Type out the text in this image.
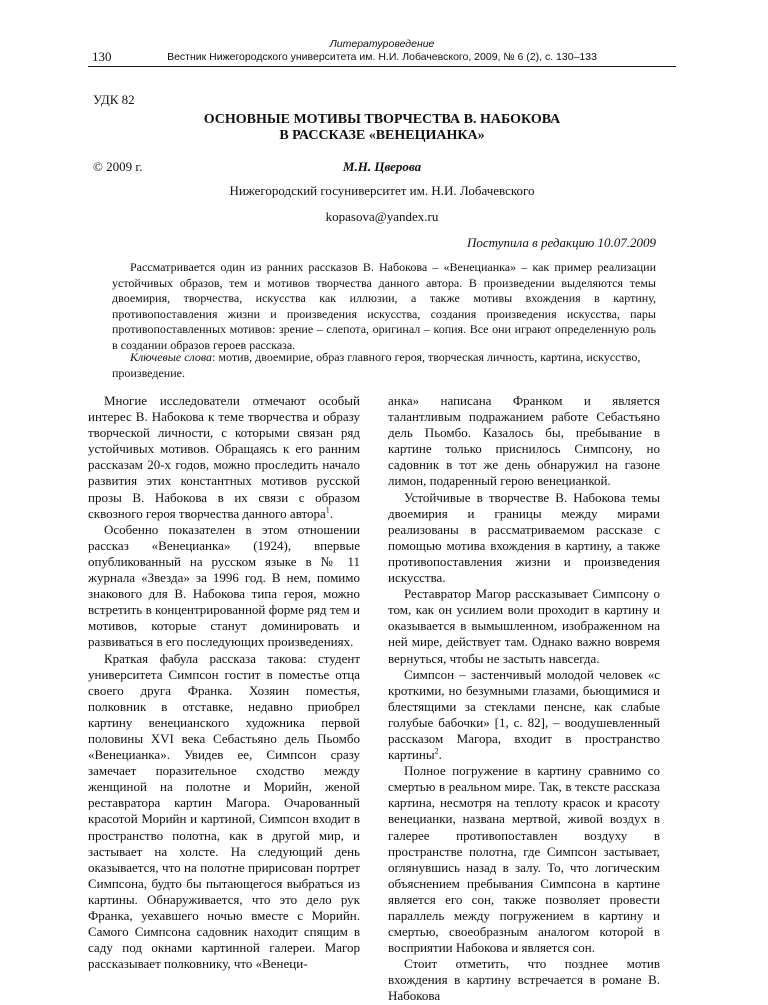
130
Литературоведение
Вестник Нижегородского университета им. Н.И. Лобачевского, 2009, № 6 (2), с. 130–133
УДК 82
ОСНОВНЫЕ МОТИВЫ ТВОРЧЕСТВА В. НАБОКОВА
В РАССКАЗЕ «ВЕНЕЦИАНКА»
© 2009 г.	М.Н. Цверова
Нижегородский госуниверситет им. Н.И. Лобачевского
kopasova@yandex.ru
Поступила в редакцию 10.07.2009

Рассматривается один из ранних рассказов В. Набокова – «Венецианка» – как пример реализации устойчивых образов, тем и мотивов творчества данного автора. В произведении выделяются темы двоемирия, творчества, искусства как иллюзии, а также мотивы вхождения в картину, противопоставления жизни и произведения искусства, создания произведения искусства, пары противопоставленных мотивов: зрение – слепота, оригинал – копия. Все они играют определенную роль в создании образов героев рассказа.

Ключевые слова: мотив, двоемирие, образ главного героя, творческая личность, картина, искусство, произведение.

Многие исследователи отмечают особый интерес В. Набокова к теме творчества и образу творческой личности, с которыми связан ряд устойчивых мотивов. Обращаясь к его ранним рассказам 20-х годов, можно проследить начало развития этих константных мотивов русской прозы В. Набокова в их связи с образом сквозного героя творчества данного автора$^1$.

Особенно показателен в этом отношении рассказ «Венецианка» (1924), впервые опубликованный на русском языке в № 11 журнала «Звезда» за 1996 год. В нем, помимо знакового для В. Набокова типа героя, можно встретить в концентрированной форме ряд тем и мотивов, которые станут доминировать и развиваться в его последующих произведениях.

Краткая фабула рассказа такова: студент университета Симпсон гостит в поместье отца своего друга Франка. Хозяин поместья, полковник в отставке, недавно приобрел картину венецианского художника первой половины XVI века Себастьяно дель Пьомбо «Венецианка». Увидев ее, Симпсон сразу замечает поразительное сходство между женщиной на полотне и Морийн, женой реставратора картин Магора. Очарованный красотой Морийн и картиной, Симпсон входит в пространство полотна, как в другой мир, и застывает на холсте. На следующий день оказывается, что на полотне пририсован портрет Симпсона, будто бы пытающегося выбраться из картины. Обнаруживается, что это дело рук Франка, уехавшего ночью вместе с Морийн. Самого Симпсона садовник находит спящим в саду под окнами картинной галереи. Магор рассказывает полковнику, что «Венеци-

анка» написана Франком и является талантливым подражанием работе Себастьяно дель Пьомбо. Казалось бы, пребывание в картине только приснилось Симпсону, но садовник в тот же день обнаружил на газоне лимон, подаренный герою венецианкой.

Устойчивые в творчестве В. Набокова темы двоемирия и границы между мирами реализованы в рассматриваемом рассказе с помощью мотива вхождения в картину, а также противопоставления жизни и произведения искусства.

Реставратор Магор рассказывает Симпсону о том, как он усилием воли проходит в картину и оказывается в вымышленном, изображенном на ней мире, действует там. Однако важно вовремя вернуться, чтобы не застыть навсегда.

Симпсон – застенчивый молодой человек «с кроткими, но безумными глазами, бьющимися и блестящими за стеклами пенсне, как слабые голубые бабочки» [1, с. 82], – воодушевленный рассказом Магора, входит в пространство картины$^2$.

Полное погружение в картину сравнимо со смертью в реальном мире. Так, в тексте рассказа картина, несмотря на теплоту красок и красоту венецианки, названа мертвой, живой воздух в галерее противопоставлен воздуху в пространстве полотна, где Симпсон застывает, оглянувшись назад в залу. То, что логическим объяснением пребывания Симпсона в картине является его сон, также позволяет провести параллель между погружением в картину и смертью, своеобразным аналогом которой в восприятии Набокова и является сон.

Стоит отметить, что позднее мотив вхождения в картину встречается в романе В. Набокова
